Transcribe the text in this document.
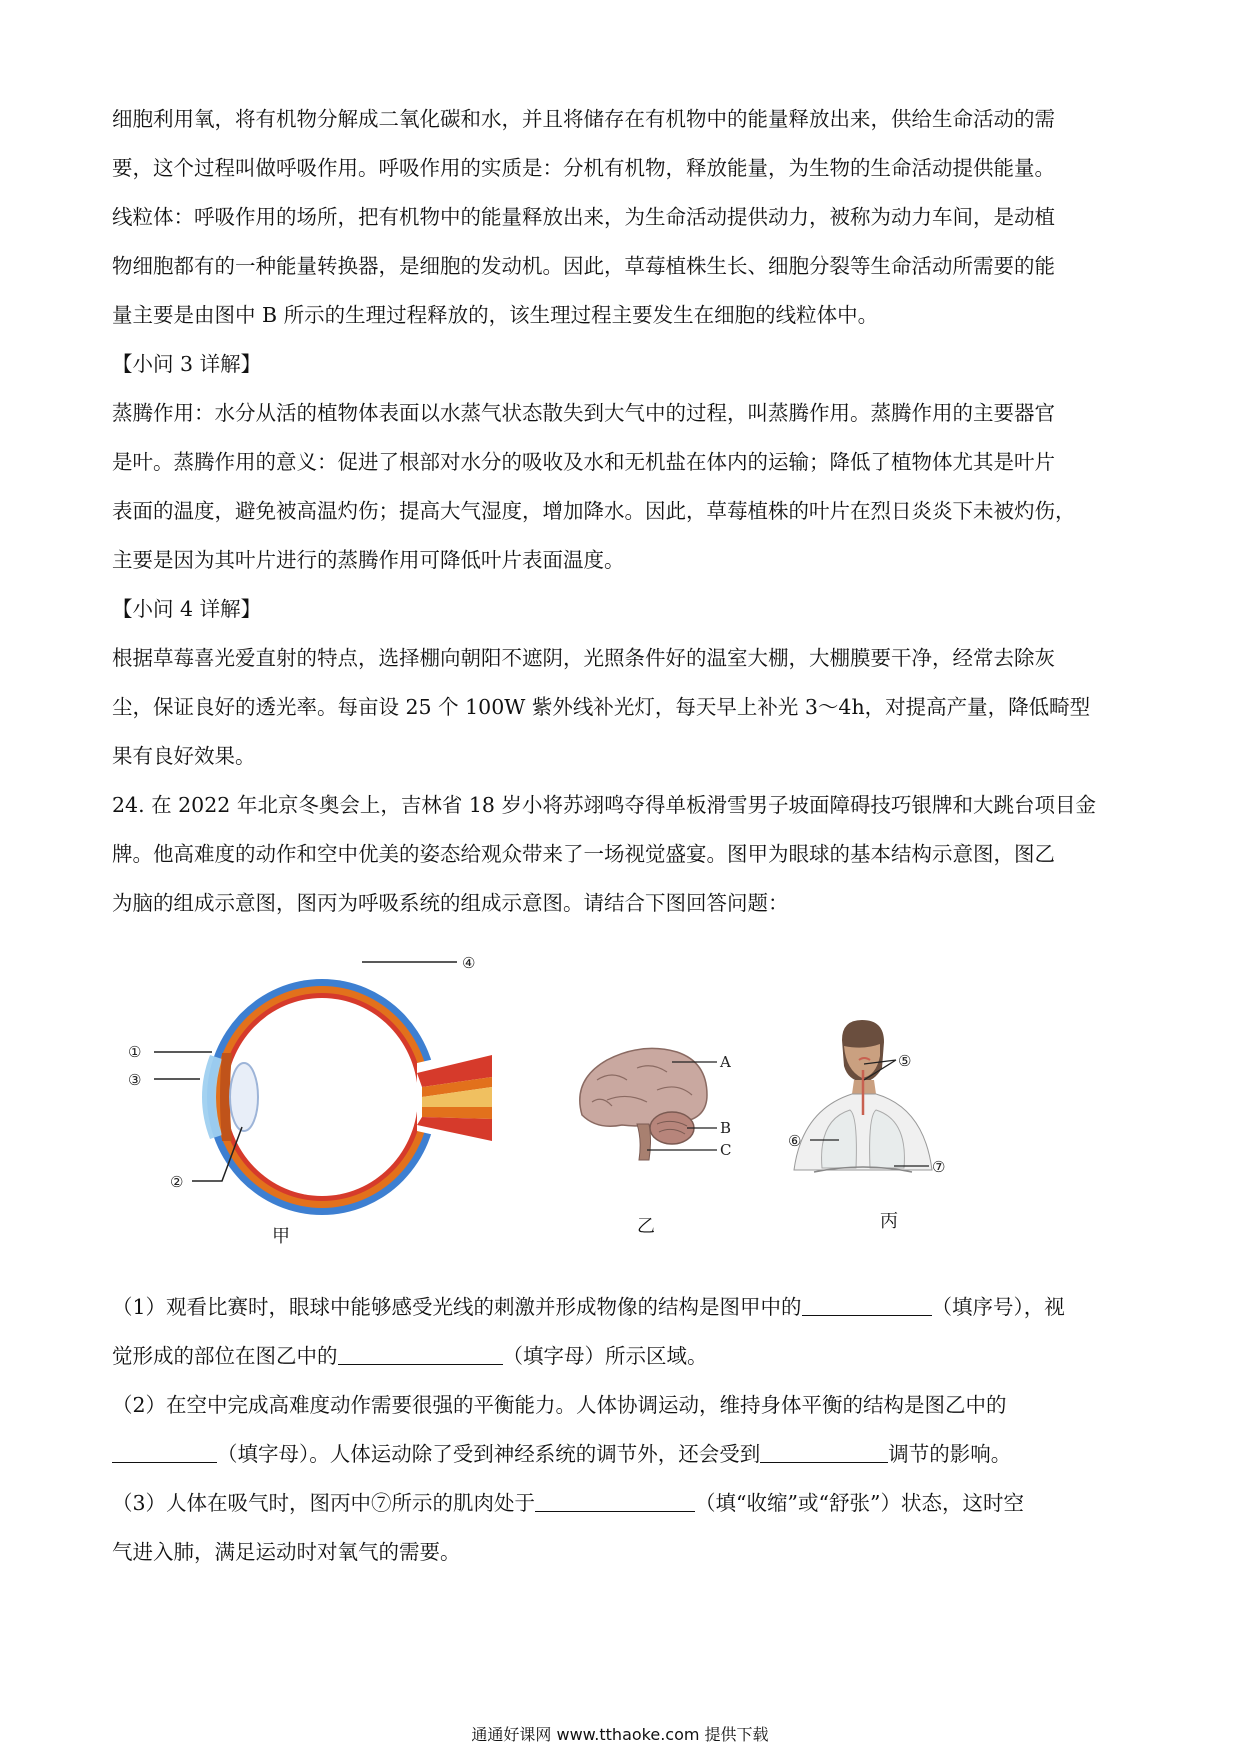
细胞利用氧，将有机物分解成二氧化碳和水，并且将储存在有机物中的能量释放出来，供给生命活动的需
要，这个过程叫做呼吸作用。呼吸作用的实质是：分机有机物，释放能量，为生物的生命活动提供能量。
线粒体：呼吸作用的场所，把有机物中的能量释放出来，为生命活动提供动力，被称为动力车间，是动植
物细胞都有的一种能量转换器，是细胞的发动机。因此，草莓植株生长、细胞分裂等生命活动所需要的能
量主要是由图中 B 所示的生理过程释放的，该生理过程主要发生在细胞的线粒体中。
【小问 3 详解】
蒸腾作用：水分从活的植物体表面以水蒸气状态散失到大气中的过程，叫蒸腾作用。蒸腾作用的主要器官
是叶。蒸腾作用的意义：促进了根部对水分的吸收及水和无机盐在体内的运输；降低了植物体尤其是叶片
表面的温度，避免被高温灼伤；提高大气湿度，增加降水。因此，草莓植株的叶片在烈日炎炎下未被灼伤，
主要是因为其叶片进行的蒸腾作用可降低叶片表面温度。
【小问 4 详解】
根据草莓喜光爱直射的特点，选择棚向朝阳不遮阴，光照条件好的温室大棚，大棚膜要干净，经常去除灰
尘，保证良好的透光率。每亩设 25 个 100W 紫外线补光灯，每天早上补光 3～4h，对提高产量，降低畸型
果有良好效果。
24. 在 2022 年北京冬奥会上，吉林省 18 岁小将苏翊鸣夺得单板滑雪男子坡面障碍技巧银牌和大跳台项目金
牌。他高难度的动作和空中优美的姿态给观众带来了一场视觉盛宴。图甲为眼球的基本结构示意图，图乙
为脑的组成示意图，图丙为呼吸系统的组成示意图。请结合下图回答问题：
①
③
④
②
甲
A
B
C
乙
⑤
⑥
⑦
丙
（1）观看比赛时，眼球中能够感受光线的刺激并形成物像的结构是图甲中的	（填序号），视
觉形成的部位在图乙中的	（填字母）所示区域。
（2）在空中完成高难度动作需要很强的平衡能力。人体协调运动，维持身体平衡的结构是图乙中的
（填字母）。人体运动除了受到神经系统的调节外，还会受到	调节的影响。
（3）人体在吸气时，图丙中⑦所示的肌肉处于	（填“收缩”或“舒张”）状态，这时空
气进入肺，满足运动时对氧气的需要。
通通好课网 www.tthaoke.com 提供下载
